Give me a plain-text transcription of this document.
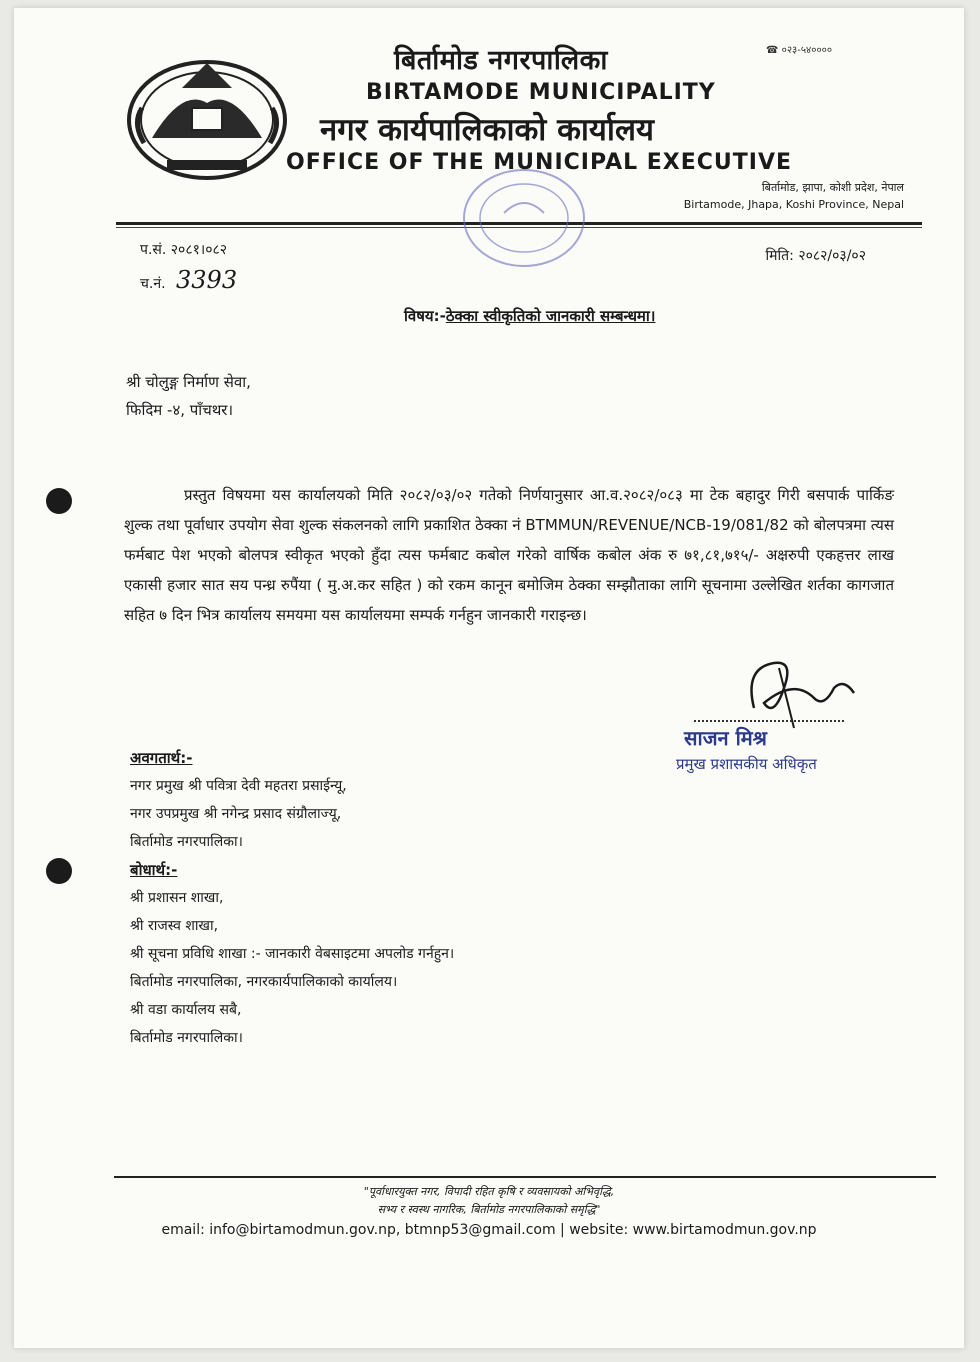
☎ ०२३-५४००००
बिर्तामोड नगरपालिका
BIRTAMODE MUNICIPALITY
नगर कार्यपालिकाको कार्यालय
OFFICE OF THE MUNICIPAL EXECUTIVE
बिर्तामोड, झापा, कोशी प्रदेश, नेपाल
Birtamode, Jhapa, Koshi Province, Nepal
प.सं. २०८१।०८२
च.नं. 3393
मिति: २०८२/०३/०२
विषय:-ठेक्का स्वीकृतिको जानकारी सम्बन्धमा।
श्री चोलुङ्ग निर्माण सेवा,
फिदिम -४, पाँचथर।
प्रस्तुत विषयमा यस कार्यालयको मिति २०८२/०३/०२ गतेको निर्णयानुसार आ.व.२०८२/०८३ मा टेक बहादुर गिरी बसपार्क पार्किङ शुल्क तथा पूर्वाधार उपयोग सेवा शुल्क संकलनको लागि प्रकाशित ठेक्का नं BTMMUN/REVENUE/NCB-19/081/82 को बोलपत्रमा त्यस फर्मबाट पेश भएको बोलपत्र स्वीकृत भएको हुँदा त्यस फर्मबाट कबोल गरेको वार्षिक कबोल अंक रु ७१,८१,७१५/- अक्षरुपी एकहत्तर लाख एकासी हजार सात सय पन्ध्र रुपैंया ( मु.अ.कर सहित ) को रकम कानून बमोजिम ठेक्का सम्झौताका लागि सूचनामा उल्लेखित शर्तका कागजात सहित ७ दिन भित्र कार्यालय समयमा यस कार्यालयमा सम्पर्क गर्नहुन जानकारी गराइन्छ।
साजन मिश्र
प्रमुख प्रशासकीय अधिकृत
अवगतार्थ:-
नगर प्रमुख श्री पवित्रा देवी महतरा प्रसाईन्यू,
नगर उपप्रमुख श्री नगेन्द्र प्रसाद संग्रौलाज्यू,
बिर्तामोड नगरपालिका।
बोधार्थ:-
श्री प्रशासन शाखा,
श्री राजस्व शाखा,
श्री सूचना प्रविधि शाखा :- जानकारी वेबसाइटमा अपलोड गर्नहुन।
बिर्तामोड नगरपालिका, नगरकार्यपालिकाको कार्यालय।
श्री वडा कार्यालय सबै,
बिर्तामोड नगरपालिका।
"पूर्वाधारयुक्त नगर, विपादी रहित कृषि र व्यवसायको अभिवृद्धि,
सभ्य र स्वस्थ नागरिक, बिर्तामोड नगरपालिकाको समृद्धि"
email: info@birtamodmun.gov.np, btmnp53@gmail.com | website: www.birtamodmun.gov.np
